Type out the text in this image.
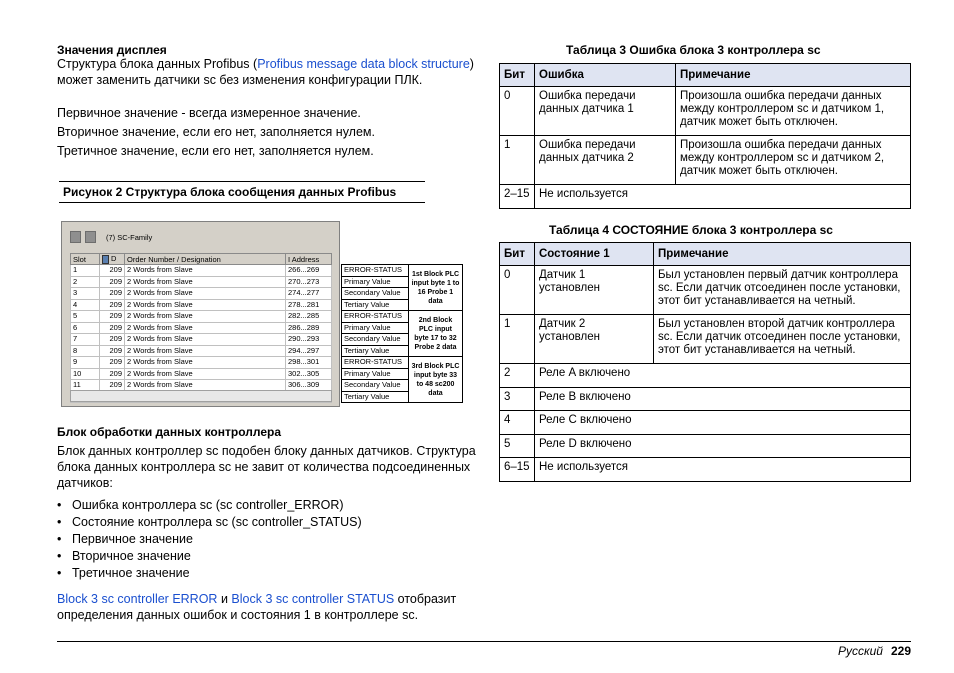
Значения дисплея

Структура блока данных Profibus (Profibus message data block structure) может заменить датчики sc без изменения конфигурации ПЛК.

Первичное значение - всегда измеренное значение.

Вторичное значение, если его нет, заполняется нулем.

Третичное значение, если его нет, заполняется нулем.

Рисунок 2 Структура блока сообщения данных Profibus
(7) SC-Family
Slot	D	Order Number / Designation	I Address
1	209	2 Words from Slave	266...269
2	209	2 Words from Slave	270...273
3	209	2 Words from Slave	274...277
4	209	2 Words from Slave	278...281
5	209	2 Words from Slave	282...285
6	209	2 Words from Slave	286...289
7	209	2 Words from Slave	290...293
8	209	2 Words from Slave	294...297
9	209	2 Words from Slave	298...301
10	209	2 Words from Slave	302...305
11	209	2 Words from Slave	306...309

ERROR-STATUS	1st Block PLC input byte 1 to 16 Probe 1 data
Primary Value	
Secondary Value	
Tertiary Value	
ERROR-STATUS	2nd Block PLC input byte 17 to 32 Probe 2 data
Primary Value	
Secondary Value	
Tertiary Value	
ERROR-STATUS	3rd Block PLC input byte 33 to 48 sc200 data
Primary Value	
Secondary Value	
Tertiary Value	
Блок обработки данных контроллера

Блок данных контроллер sc подобен блоку данных датчиков. Структура блока данных контроллера sc не завит от количества подсоединенных датчиков:

• Ошибка контроллера sc (sc controller_ERROR)
• Состояние контроллера sc (sc controller_STATUS)
• Первичное значение
• Вторичное значение
• Третичное значение

Block 3 sc controller ERROR и Block 3 sc controller STATUS отобразит определения данных ошибок и состояния 1 в контроллере sc.

Таблица 3 Ошибка блока 3 контроллера sc
Бит	Ошибка	Примечание
0	Ошибка передачи данных датчика 1	Произошла ошибка передачи данных между контроллером sc и датчиком 1, датчик может быть отключен.
1	Ошибка передачи данных датчика 2	Произошла ошибка передачи данных между контроллером sc и датчиком 2, датчик может быть отключен.
2–15	Не используется	
Таблица 4 СОСТОЯНИЕ блока 3 контроллера sc
Бит	Состояние 1	Примечание
0	Датчик 1 установлен	Был установлен первый датчик контроллера sc. Если датчик отсоединен после установки, этот бит устанавливается на четный.
1	Датчик 2 установлен	Был установлен второй датчик контроллера sc. Если датчик отсоединен после установки, этот бит устанавливается на четный.
2	Реле A включено	
3	Реле B включено	
4	Реле C включено	
5	Реле D включено	
6–15	Не используется	
Русский 229
